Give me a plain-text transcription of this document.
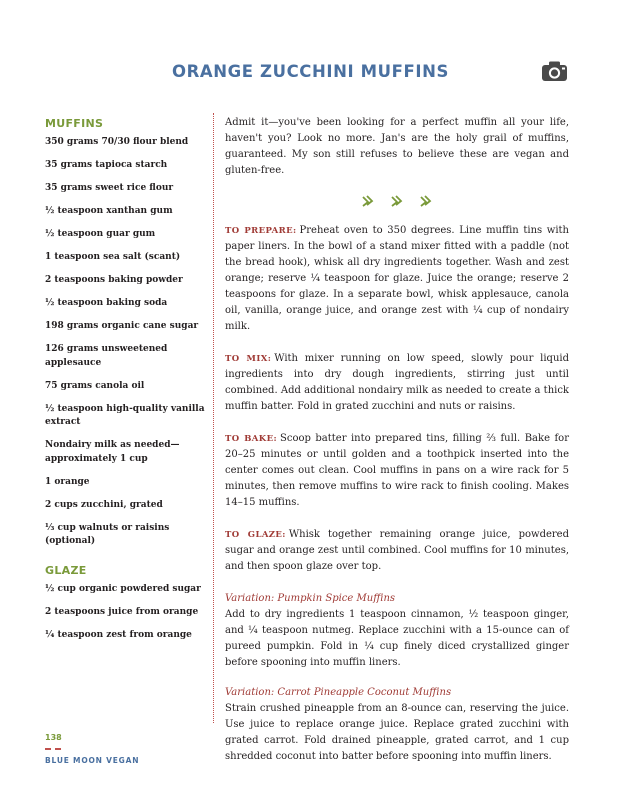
ORANGE ZUCCHINI MUFFINS
MUFFINS
350 grams 70/30 flour blend
35 grams tapioca starch
35 grams sweet rice flour
½ teaspoon xanthan gum
½ teaspoon guar gum
1 teaspoon sea salt (scant)
2 teaspoons baking powder
½ teaspoon baking soda
198 grams organic cane sugar
126 grams unsweetened applesauce
75 grams canola oil
½ teaspoon high-quality vanilla extract
Nondairy milk as needed—approximately 1 cup
1 orange
2 cups zucchini, grated
⅓ cup walnuts or raisins (optional)
GLAZE
½ cup organic powdered sugar
2 teaspoons juice from orange
¼ teaspoon zest from orange

Admit it—you've been looking for a perfect muffin all your life, haven't you? Look no more. Jan's are the holy grail of muffins, guaranteed. My son still refuses to believe these are vegan and gluten-free.

TO PREPARE: Preheat oven to 350 degrees. Line muffin tins with paper liners. In the bowl of a stand mixer fitted with a paddle (not the bread hook), whisk all dry ingredients together. Wash and zest orange; reserve ¼ teaspoon for glaze. Juice the orange; reserve 2 teaspoons for glaze. In a separate bowl, whisk applesauce, canola oil, vanilla, orange juice, and orange zest with ¼ cup of nondairy milk.

TO MIX: With mixer running on low speed, slowly pour liquid ingredients into dry dough ingredients, stirring just until combined. Add additional nondairy milk as needed to create a thick muffin batter. Fold in grated zucchini and nuts or raisins.

TO BAKE: Scoop batter into prepared tins, filling ⅔ full. Bake for 20–25 minutes or until golden and a toothpick inserted into the center comes out clean. Cool muffins in pans on a wire rack for 5 minutes, then remove muffins to wire rack to finish cooling. Makes 14–15 muffins.

TO GLAZE: Whisk together remaining orange juice, powdered sugar and orange zest until combined. Cool muffins for 10 minutes, and then spoon glaze over top.

Variation: Pumpkin Spice Muffins
Add to dry ingredients 1 teaspoon cinnamon, ½ teaspoon ginger, and ¼ teaspoon nutmeg. Replace zucchini with a 15-ounce can of pureed pumpkin. Fold in ¼ cup finely diced crystallized ginger before spooning into muffin liners.

Variation: Carrot Pineapple Coconut Muffins
Strain crushed pineapple from an 8-ounce can, reserving the juice. Use juice to replace orange juice. Replace grated zucchini with grated carrot. Fold drained pineapple, grated carrot, and 1 cup shredded coconut into batter before spooning into muffin liners.

138
BLUE MOON VEGAN
